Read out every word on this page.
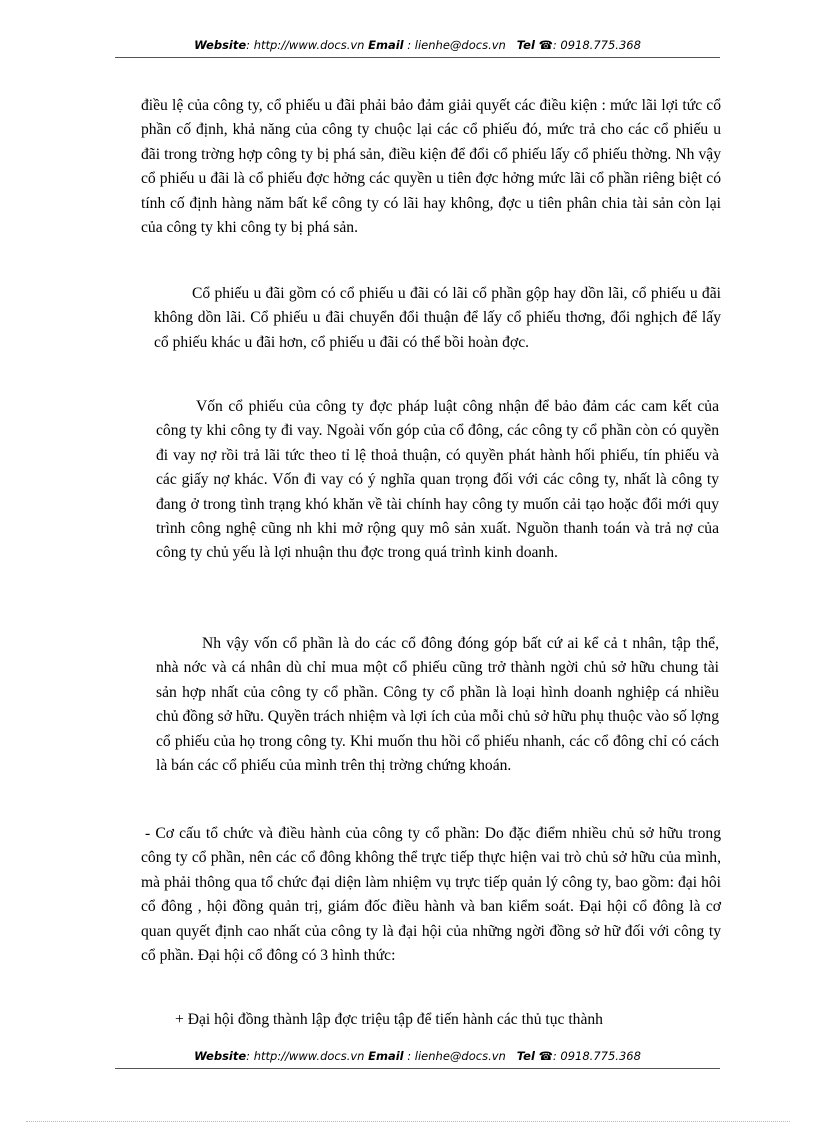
Website: http://www.docs.vn Email : lienhe@docs.vn Tel ☎: 0918.775.368

điều lệ của công ty, cổ phiếu u đãi phải bảo đảm giải quyết các điều kiện : mức lãi lợi tức cổ phần cố định, khả năng của công ty chuộc lại các cổ phiếu đó, mức trả cho các cổ phiếu u đãi trong trờng hợp công ty bị phá sản, điều kiện để đổi cổ phiếu lấy cổ phiếu thờng. Nh vậy cổ phiếu u đãi là cổ phiếu đợc hởng các quyền u tiên đợc hởng mức lãi cổ phần riêng biệt có tính cố định hàng năm bất kể công ty có lãi hay không, đợc u tiên phân chia tài sản còn lại của công ty khi công ty bị phá sản.

Cổ phiếu u đãi gồm có cổ phiếu u đãi có lãi cổ phần gộp hay dồn lãi, cổ phiếu u đãi không dồn lãi. Cổ phiếu u đãi chuyển đổi thuận để lấy cổ phiếu thơng, đổi nghịch để lấy cổ phiếu khác u đãi hơn, cổ phiếu u đãi có thể bồi hoàn đợc.

Vốn cổ phiếu của công ty đợc pháp luật công nhận để bảo đảm các cam kết của công ty khi công ty đi vay. Ngoài vốn góp của cổ đông, các công ty cổ phần còn có quyền đi vay nợ rồi trả lãi tức theo tỉ lệ thoả thuận, có quyền phát hành hối phiếu, tín phiếu và các giấy nợ khác. Vốn đi vay có ý nghĩa quan trọng đối với các công ty, nhất là công ty đang ở trong tình trạng khó khăn về tài chính hay công ty muốn cải tạo hoặc đổi mới quy trình công nghệ cũng nh khi mở rộng quy mô sản xuất. Nguồn thanh toán và trả nợ của công ty chủ yếu là lợi nhuận thu đợc trong quá trình kinh doanh.

Nh vậy vốn cổ phần là do các cổ đông đóng góp bất cứ ai kể cả t nhân, tập thể, nhà nớc và cá nhân dù chỉ mua một cổ phiếu cũng trở thành ngời chủ sở hữu chung tài sản hợp nhất của công ty cổ phần. Công ty cổ phần là loại hình doanh nghiệp cá nhiều chủ đồng sở hữu. Quyền trách nhiệm và lợi ích của mỗi chủ sở hữu phụ thuộc vào số lợng cổ phiếu của họ trong công ty. Khi muốn thu hồi cổ phiếu nhanh, các cổ đông chỉ có cách là bán các cổ phiếu của mình trên thị trờng chứng khoán.

- Cơ cấu tổ chức và điều hành của công ty cổ phần: Do đặc điểm nhiều chủ sở hữu trong công ty cổ phần, nên các cổ đông không thể trực tiếp thực hiện vai trò chủ sở hữu của mình, mà phải thông qua tổ chức đại diện làm nhiệm vụ trực tiếp quản lý công ty, bao gồm: đại hôi cổ đông , hội đồng quản trị, giám đốc điều hành và ban kiểm soát. Đại hội cổ đông là cơ quan quyết định cao nhất của công ty là đại hội của những ngời đồng sở hữ đối với công ty cổ phần. Đại hội cổ đông có 3 hình thức:

+ Đại hội đồng thành lập đợc triệu tập để tiến hành các thủ tục thành

Website: http://www.docs.vn Email : lienhe@docs.vn Tel ☎: 0918.775.368
